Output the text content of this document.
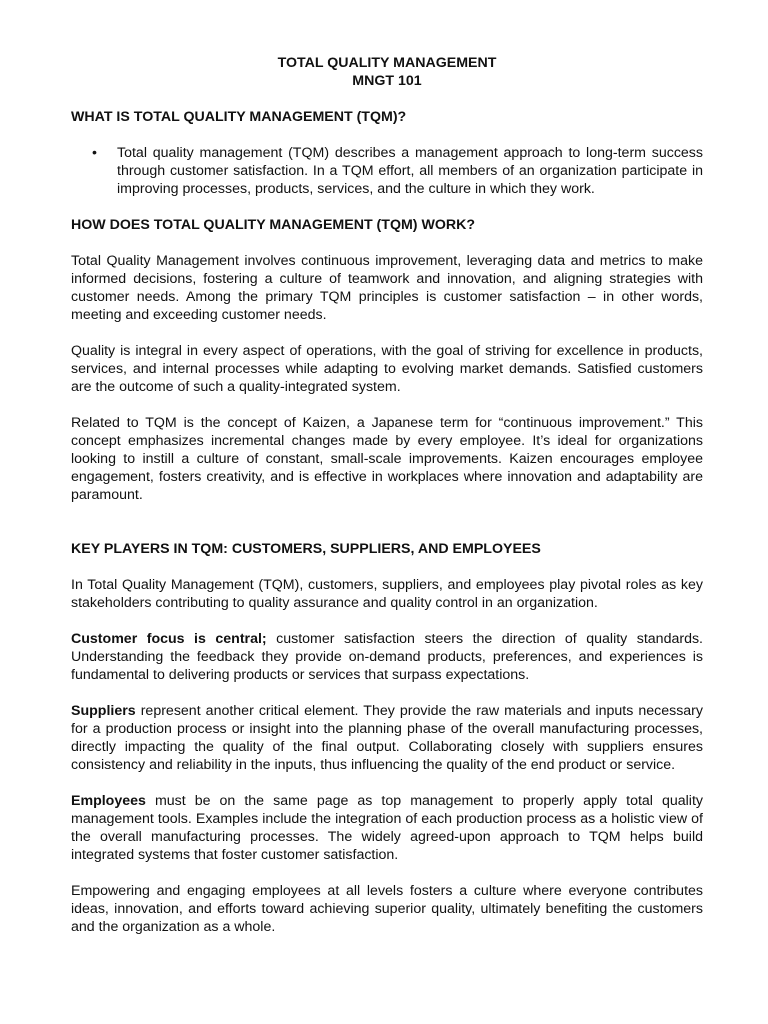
TOTAL QUALITY MANAGEMENT
MNGT 101
WHAT IS TOTAL QUALITY MANAGEMENT (TQM)?
• Total quality management (TQM) describes a management approach to long-term success through customer satisfaction. In a TQM effort, all members of an organization participate in improving processes, products, services, and the culture in which they work.
HOW DOES TOTAL QUALITY MANAGEMENT (TQM) WORK?

Total Quality Management involves continuous improvement, leveraging data and metrics to make informed decisions, fostering a culture of teamwork and innovation, and aligning strategies with customer needs. Among the primary TQM principles is customer satisfaction – in other words, meeting and exceeding customer needs.

Quality is integral in every aspect of operations, with the goal of striving for excellence in products, services, and internal processes while adapting to evolving market demands. Satisfied customers are the outcome of such a quality-integrated system.

Related to TQM is the concept of Kaizen, a Japanese term for “continuous improvement.” This concept emphasizes incremental changes made by every employee. It’s ideal for organizations looking to instill a culture of constant, small-scale improvements. Kaizen encourages employee engagement, fosters creativity, and is effective in workplaces where innovation and adaptability are paramount.

KEY PLAYERS IN TQM: CUSTOMERS, SUPPLIERS, AND EMPLOYEES

In Total Quality Management (TQM), customers, suppliers, and employees play pivotal roles as key stakeholders contributing to quality assurance and quality control in an organization.

Customer focus is central; customer satisfaction steers the direction of quality standards. Understanding the feedback they provide on-demand products, preferences, and experiences is fundamental to delivering products or services that surpass expectations.

Suppliers represent another critical element. They provide the raw materials and inputs necessary for a production process or insight into the planning phase of the overall manufacturing processes, directly impacting the quality of the final output. Collaborating closely with suppliers ensures consistency and reliability in the inputs, thus influencing the quality of the end product or service.

Employees must be on the same page as top management to properly apply total quality management tools. Examples include the integration of each production process as a holistic view of the overall manufacturing processes. The widely agreed-upon approach to TQM helps build integrated systems that foster customer satisfaction.

Empowering and engaging employees at all levels fosters a culture where everyone contributes ideas, innovation, and efforts toward achieving superior quality, ultimately benefiting the customers and the organization as a whole.
